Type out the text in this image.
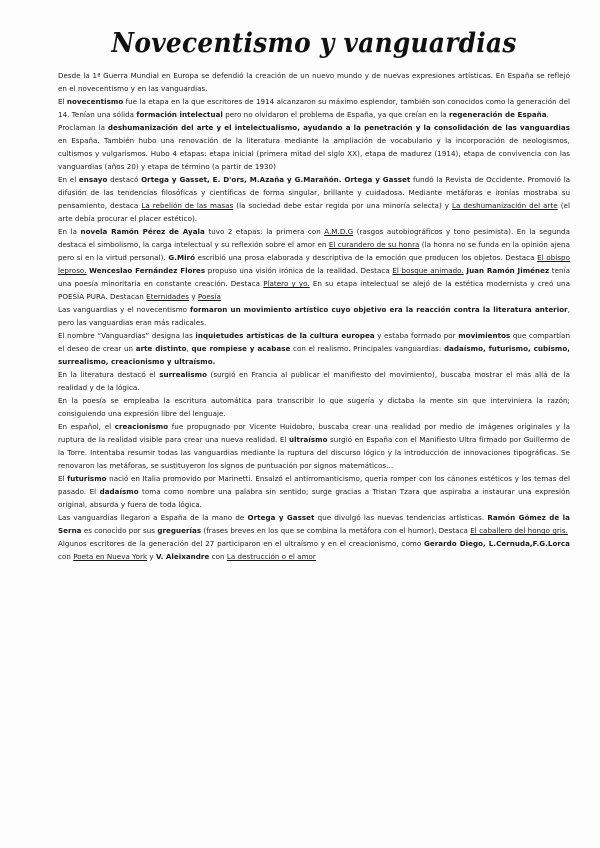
Novecentismo y vanguardias

Desde la 1ª Guerra Mundial en Europa se defendió la creación de un nuevo mundo y de nuevas expresiones artísticas. En España se reflejó en el novecentismo y en las vanguardias.

El novecentismo fue la etapa en la que escritores de 1914 alcanzaron su máximo esplendor, también son conocidos como la generación del 14. Tenían una sólida formación intelectual pero no olvidaron el problema de España, ya que creían en la regeneración de España.

Proclaman la deshumanización del arte y el intelectualismo, ayudando a la penetración y la consolidación de las vanguardias en España. También hubo una renovación de la literatura mediante la ampliación de vocabulario y la incorporación de neologismos, cultismos y vulgarismos. Hubo 4 etapas: etapa inicial (primera mitad del siglo XX), etapa de madurez (1914), etapa de convivencia con las vanguardias (años 20) y etapa de término (a partir de 1930)

En el ensayo destacó Ortega y Gasset, E. D'ors, M.Azaña y G.Marañón. Ortega y Gasset fundó la Revista de Occidente. Promovió la difusión de las tendencias filosóficas y científicas de forma singular, brillante y cuidadosa. Mediante metáforas e ironías mostraba su pensamiento, destaca La rebelión de las masas (la sociedad debe estar regida por una minoría selecta) y La deshumanización del arte (el arte debía procurar el placer estético).

En la novela Ramón Pérez de Ayala tuvo 2 etapas: la primera con A.M.D.G (rasgos autobiográficos y tono pesimista). En la segunda destaca el simbolismo, la carga intelectual y su reflexión sobre el amor en El curandero de su honra (la honra no se funda en la opinión ajena pero si en la virtud personal). G.Miró escribió una prosa elaborada y descriptiva de la emoción que producen los objetos. Destaca El obispo leproso. Wenceslao Fernández Flores propuso una visión irónica de la realidad. Destaca El bosque animado. Juan Ramón Jiménez tenía una poesía minoritaria en constante creación. Destaca Platero y yo. En su etapa intelectual se alejó de la estética modernista y creó una POESÍA PURA. Destacan Eternidades y Poesía

Las vanguardias y el novecentismo formaron un movimiento artístico cuyo objetivo era la reacción contra la literatura anterior, pero las vanguardias eran más radicales.

El nombre “Vanguardias” designa las inquietudes artísticas de la cultura europea y estaba formado por movimientos que compartían el deseo de crear un arte distinto, que rompiese y acabase con el realismo. Principales vanguardias: dadaísmo, futurismo, cubismo, surrealismo, creacionismo y ultraísmo.

En la literatura destacó el surrealismo (surgió en Francia al publicar el manifiesto del movimiento), buscaba mostrar el más allá de la realidad y de la lógica.

En la poesía se empleaba la escritura automática para transcribir lo que sugería y dictaba la mente sin que interviniera la razón; consiguiendo una expresión libre del lenguaje.

En español, el creacionismo fue propugnado por Vicente Huidobro, buscaba crear una realidad por medio de imágenes originales y la ruptura de la realidad visible para crear una nueva realidad. El ultraísmo surgió en España con el Manifiesto Ultra firmado por Guillermo de la Torre. Intentaba resumir todas las vanguardias mediante la ruptura del discurso lógico y la introducción de innovaciones tipográficas. Se renovaron las metáforas, se sustituyeron los signos de puntuación por signos matemáticos…

El futurismo nació en Italia promovido por Marinetti. Ensalzó el antirromanticismo, quería romper con los cánones estéticos y los temas del pasado. El dadaísmo toma como nombre una palabra sin sentido; surge gracias a Tristan Tzara que aspiraba a instaurar una expresión original, absurda y fuera de toda lógica.

Las vanguardias llegaron a España de la mano de Ortega y Gasset que divulgó las nuevas tendencias artísticas. Ramón Gómez de la Serna es conocido por sus greguerías (frases breves en los que se combina la metáfora con el humor). Destaca El caballero del hongo gris.

Algunos escritores de la generación del 27 participaron en el ultraísmo y en el creacionismo, como Gerardo Diego, L.Cernuda,F.G.Lorca con Poeta en Nueva York y V. Aleixandre con La destrucción o el amor
